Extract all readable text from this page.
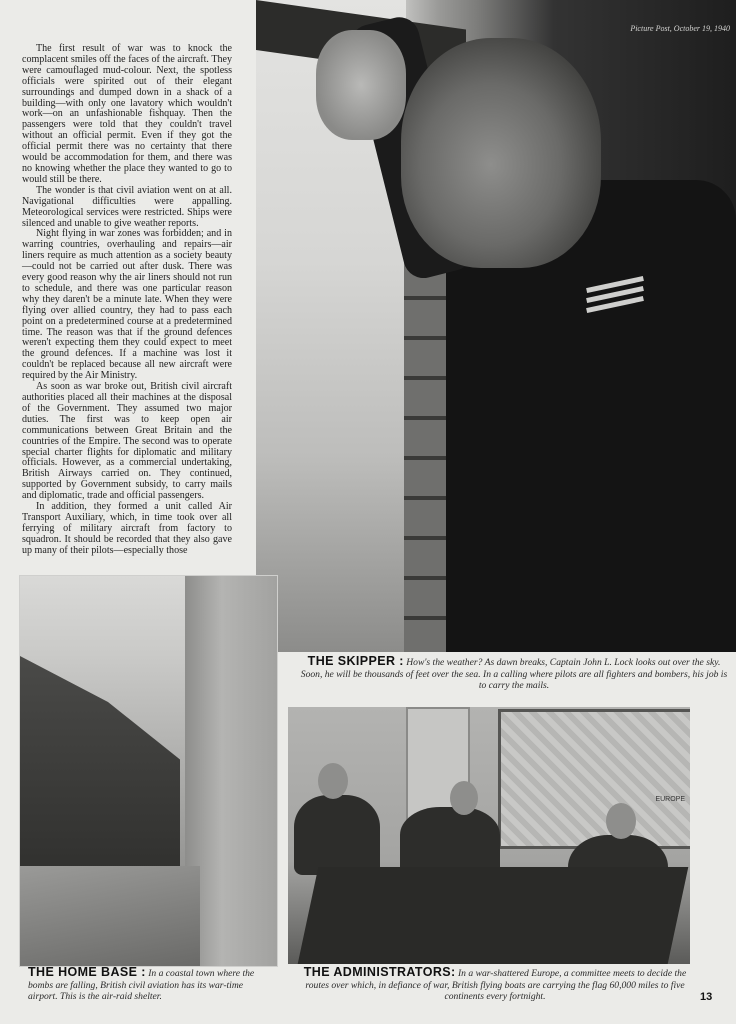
Picture Post, October 19, 1940

The first result of war was to knock the complacent smiles off the faces of the aircraft. They were camouflaged mud-colour. Next, the spotless officials were spirited out of their elegant surroundings and dumped down in a shack of a building—with only one lavatory which wouldn't work—on an unfashionable fishquay. Then the passengers were told that they couldn't travel without an official permit. Even if they got the official permit there was no certainty that there would be accommodation for them, and there was no knowing whether the place they wanted to go to would still be there.

The wonder is that civil aviation went on at all. Navigational difficulties were appalling. Meteorological services were restricted. Ships were silenced and unable to give weather reports.

Night flying in war zones was forbidden; and in warring countries, overhauling and repairs—air liners require as much attention as a society beauty—could not be carried out after dusk. There was every good reason why the air liners should not run to schedule, and there was one particular reason why they daren't be a minute late. When they were flying over allied country, they had to pass each point on a predetermined course at a predetermined time. The reason was that if the ground defences weren't expecting them they could expect to meet the ground defences. If a machine was lost it couldn't be replaced because all new aircraft were required by the Air Ministry.

As soon as war broke out, British civil aircraft authorities placed all their machines at the disposal of the Government. They assumed two major duties. The first was to keep open air communications between Great Britain and the countries of the Empire. The second was to operate special charter flights for diplomatic and military officials. However, as a commercial undertaking, British Airways carried on. They continued, supported by Government subsidy, to carry mails and diplomatic, trade and official passengers.

In addition, they formed a unit called Air Transport Auxiliary, which, in time took over all ferrying of military aircraft from factory to squadron. It should be recorded that they also gave up many of their pilots—especially those

EUROPE
THE SKIPPER : How's the weather? As dawn breaks, Captain John L. Lock looks out over the sky. Soon, he will be thousands of feet over the sea. In a calling where pilots are all fighters and bombers, his job is to carry the mails.
THE HOME BASE : In a coastal town where the bombs are falling, British civil aviation has its war-time airport. This is the air-raid shelter.
THE ADMINISTRATORS: In a war-shattered Europe, a committee meets to decide the routes over which, in defiance of war, British flying boats are carrying the flag 60,000 miles to five continents every fortnight.	13
